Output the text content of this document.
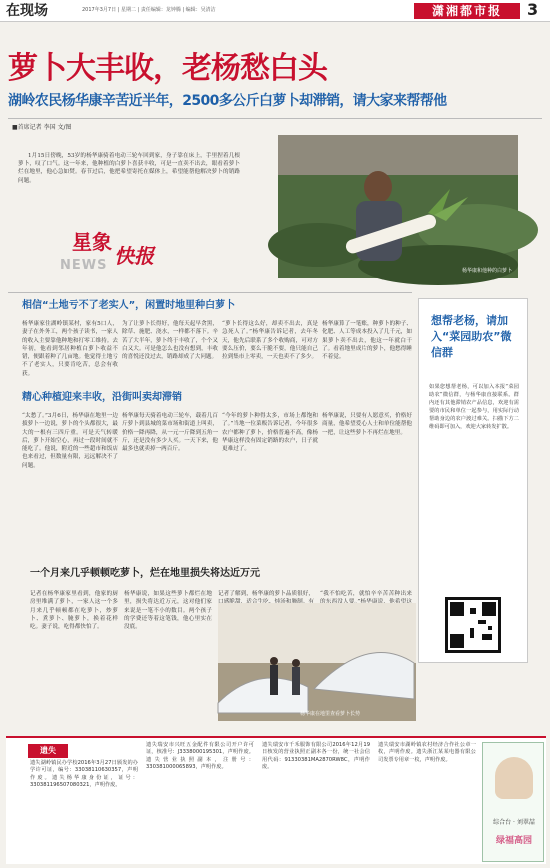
在现场	2017年3月7日 | 星期二 | 责任编辑：龙钟腾 | 编辑：吴清洁	潇湘都市报	3
萝卜大丰收，老杨愁白头
湖岭农民杨华康辛苦近半年，2500多公斤白萝卜却滞销，请大家来帮帮他
■首席记者 李国 文/图
1月15日傍晚，53岁的杨华康骑着电动三轮车回到家，身子靠在床上，手里捏着几根萝卜，叹了口气。这一年来，他种植的白萝卜喜获丰收，可是一直卖不出去，眼看着萝卜烂在地里，他心急如焚。春节过后，他把希望寄托在媒体上，希望能帮他解决萝卜的销路问题。
星象
NEWS 快报
杨华康和他种的白萝卜
相信“土地亏不了老实人”，闲置时地里种白萝卜
杨华康家住湖岭镇某村，家有5口人，妻子在外务工，两个孩子读书，一家人的收入主要靠他种地和打零工维持。去年初，他看到邻居种植白萝卜收益不错，便跟着种了几亩地。他觉得土地亏不了老实人，只要肯吃苦，总会有收获。
为了让萝卜长得好，他每天起早贪黑，除草、施肥、浇水，一样都不落下。辛苦了大半年，萝卜终于丰收了，个个又白又大。可是他怎么也没有想到，丰收的喜悦还没过去，销路却成了大问题。
“萝卜长得这么好，却卖不出去，真是急死人了。”杨华康告诉记者，去年冬天，他先后联系了多个收购商，可对方要么压价，要么干脆不要，他只能自己拉到集市上零卖，一天也卖不了多少。
杨华康算了一笔账，种萝卜的种子、化肥、人工等成本投入了几千元，如果萝卜卖不出去，他这一年就白干了。看着地里成片的萝卜，他愁得睡不着觉。
精心种植迎来丰收，沿街叫卖却滞销
“太愁了。”3月6日，杨华康在地里一边拔萝卜一边说，萝卜的个头都很大，最大的一根有三四斤重。可是天气转暖后，萝卜开始空心，再过一段时间就不能吃了。他说，附近的一些超市和饭店也来看过，但数量有限，远远解决不了问题。
杨华康每天骑着电动三轮车，载着几百斤萝卜到县城的菜市场和街道上叫卖，价格一降再降，从一元一斤降到五角一斤，还是没有多少人买。一天下来，他最多也就卖掉一两百斤。
“今年的萝卜种得太多，市场上都饱和了。”当地一位菜贩告诉记者，今年很多农户都种了萝卜，价格普遍不高，像杨华康这样没有固定销路的农户，日子就更难过了。
杨华康说，只要有人愿意买，价格好商量，他希望爱心人士和单位能帮他一把，让这些萝卜不再烂在地里。
一个月来几乎顿顿吃萝卜，烂在地里损失将达近万元
记者在杨华康家里看到，他家的厨房里堆满了萝卜，一家人这一个多月来几乎顿顿都在吃萝卜，炒萝卜、煮萝卜、腌萝卜，换着花样吃。妻子说，吃得都快怕了。
杨华康说，如果这些萝卜都烂在地里，损失将达近万元，这对他们家来说是一笔不小的数目。两个孩子的学费还等着这笔钱，他心里实在没底。
记者了解到，杨华康的萝卜品质很好， “我不怕吃苦，就怕辛辛苦苦种出来
杨华康在地里查看萝卜长势
想帮老杨，请加入“菜园助农”微信群
如果您想帮老杨，可以加入本报“菜园助农”微信群，与杨华康直接联系。群内还有其他滞销农产品信息，欢迎有需要的市民和单位一起参与，用实际行动帮助身边的农户渡过难关。扫描下方二维码即可加入，欢迎大家转发扩散。
遗失
遗失湖岭镇民办学校2016年3月27日颁发的办学许可证，编号：33038110630357，声明作废。遗失杨华康身份证，证号：330381196507080321，声明作废。
遗失瑞安市兴旺五金配件有限公司开户许可证，核准号：J3338000195301，声明作废。遗失营业执照副本，注册号：330381000065893，声明作废。
遗失瑞安市千禾服饰有限公司2016年12月19日核发的营业执照正副本各一份，统一社会信用代码：91330381MA2870RW8C，声明作废。
遗失瑞安市湖岭镇农村经济合作社公章一枚，声明作废。遗失浙江某某电器有限公司发票专用章一枚，声明作废。
综合台 · 刘翠喆
绿福高园
